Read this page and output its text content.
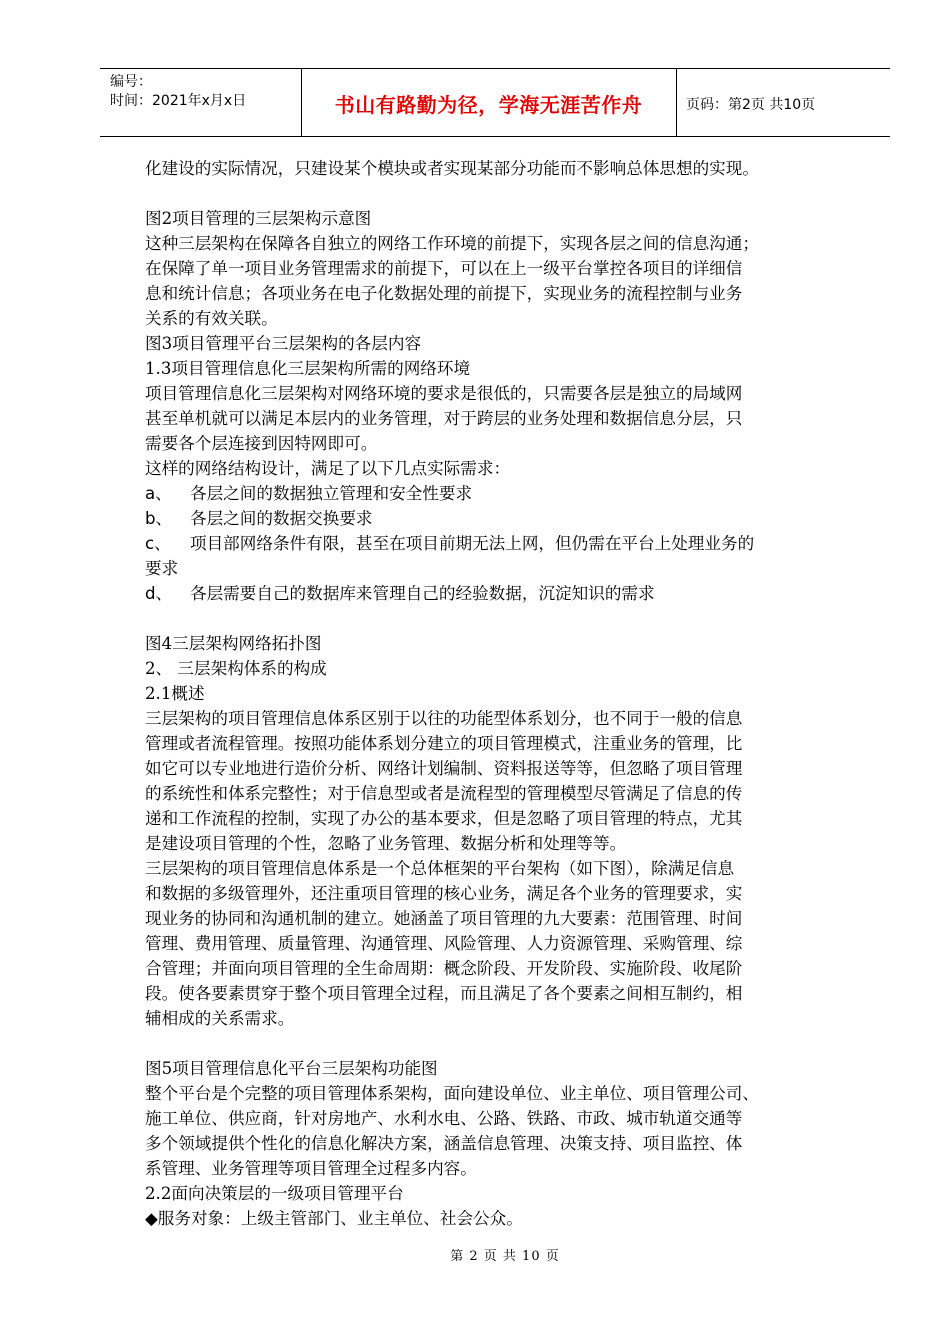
编号：
时间：2021年x月x日	书山有路勤为径，学海无涯苦作舟	页码：第2页 共10页
化建设的实际情况，只建设某个模块或者实现某部分功能而不影响总体思想的实现。
图2项目管理的三层架构示意图
这种三层架构在保障各自独立的网络工作环境的前提下，实现各层之间的信息沟通；
在保障了单一项目业务管理需求的前提下，可以在上一级平台掌控各项目的详细信
息和统计信息；各项业务在电子化数据处理的前提下，实现业务的流程控制与业务
关系的有效关联。
图3项目管理平台三层架构的各层内容
1.3项目管理信息化三层架构所需的网络环境
项目管理信息化三层架构对网络环境的要求是很低的，只需要各层是独立的局域网
甚至单机就可以满足本层内的业务管理，对于跨层的业务处理和数据信息分层，只
需要各个层连接到因特网即可。
这样的网络结构设计，满足了以下几点实际需求：
a、	各层之间的数据独立管理和安全性要求
b、	各层之间的数据交换要求
c、	项目部网络条件有限，甚至在项目前期无法上网，但仍需在平台上处理业务的
要求
d、	各层需要自己的数据库来管理自己的经验数据，沉淀知识的需求
图4三层架构网络拓扑图
2、 三层架构体系的构成
2.1概述
三层架构的项目管理信息体系区别于以往的功能型体系划分，也不同于一般的信息
管理或者流程管理。按照功能体系划分建立的项目管理模式，注重业务的管理，比
如它可以专业地进行造价分析、网络计划编制、资料报送等等，但忽略了项目管理
的系统性和体系完整性；对于信息型或者是流程型的管理模型尽管满足了信息的传
递和工作流程的控制，实现了办公的基本要求，但是忽略了项目管理的特点，尤其
是建设项目管理的个性，忽略了业务管理、数据分析和处理等等。
三层架构的项目管理信息体系是一个总体框架的平台架构（如下图），除满足信息
和数据的多级管理外，还注重项目管理的核心业务，满足各个业务的管理要求，实
现业务的协同和沟通机制的建立。她涵盖了项目管理的九大要素：范围管理、时间
管理、费用管理、质量管理、沟通管理、风险管理、人力资源管理、采购管理、综
合管理；并面向项目管理的全生命周期：概念阶段、开发阶段、实施阶段、收尾阶
段。使各要素贯穿于整个项目管理全过程，而且满足了各个要素之间相互制约，相
辅相成的关系需求。
图5项目管理信息化平台三层架构功能图
整个平台是个完整的项目管理体系架构，面向建设单位、业主单位、项目管理公司、
施工单位、供应商，针对房地产、水利水电、公路、铁路、市政、城市轨道交通等
多个领域提供个性化的信息化解决方案，涵盖信息管理、决策支持、项目监控、体
系管理、业务管理等项目管理全过程多内容。
2.2面向决策层的一级项目管理平台
◆服务对象：上级主管部门、业主单位、社会公众。
第 2 页 共 10 页
